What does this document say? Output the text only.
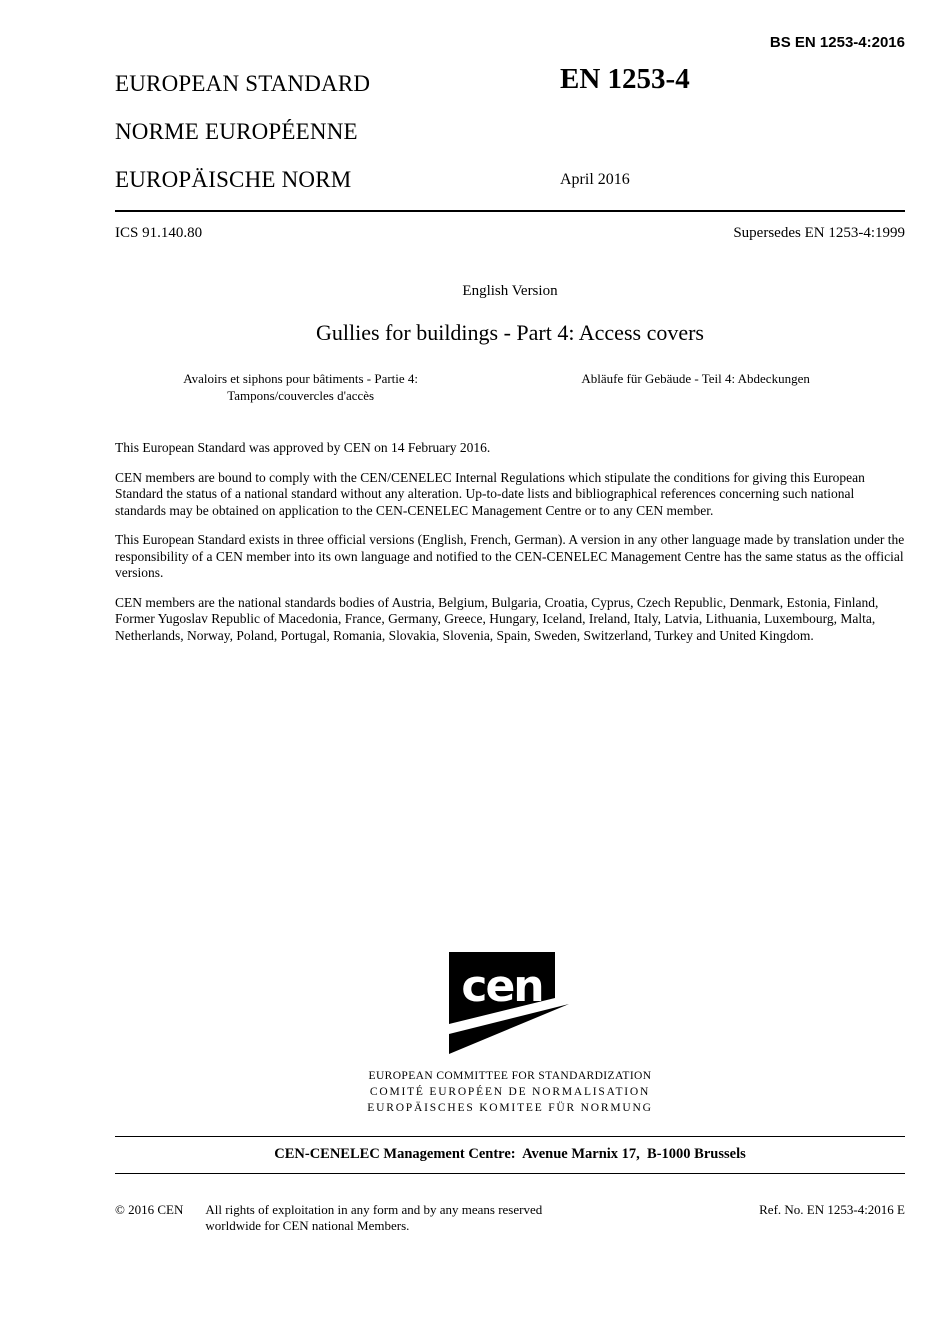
BS EN 1253-4:2016
EUROPEAN STANDARD
NORME EUROPÉENNE
EUROPÄISCHE NORM
EN 1253-4
April 2016
ICS 91.140.80	Supersedes EN 1253-4:1999
English Version
Gullies for buildings - Part 4: Access covers
Avaloirs et siphons pour bâtiments - Partie 4:
Tampons/couvercles d'accès
Abläufe für Gebäude - Teil 4: Abdeckungen

This European Standard was approved by CEN on 14 February 2016.

CEN members are bound to comply with the CEN/CENELEC Internal Regulations which stipulate the conditions for giving this European Standard the status of a national standard without any alteration. Up-to-date lists and bibliographical references concerning such national standards may be obtained on application to the CEN-CENELEC Management Centre or to any CEN member.

This European Standard exists in three official versions (English, French, German). A version in any other language made by translation under the responsibility of a CEN member into its own language and notified to the CEN-CENELEC Management Centre has the same status as the official versions.

CEN members are the national standards bodies of Austria, Belgium, Bulgaria, Croatia, Cyprus, Czech Republic, Denmark, Estonia, Finland, Former Yugoslav Republic of Macedonia, France, Germany, Greece, Hungary, Iceland, Ireland, Italy, Latvia, Lithuania, Luxembourg, Malta, Netherlands, Norway, Poland, Portugal, Romania, Slovakia, Slovenia, Spain, Sweden, Switzerland, Turkey and United Kingdom.

cen
EUROPEAN COMMITTEE FOR STANDARDIZATION
COMITÉ EUROPÉEN DE NORMALISATION
EUROPÄISCHES KOMITEE FÜR NORMUNG
CEN-CENELEC Management Centre:  Avenue Marnix 17,  B-1000 Brussels
© 2016 CEN All rights of exploitation in any form and by any means reserved
worldwide for CEN national Members.
Ref. No. EN 1253-4:2016 E
